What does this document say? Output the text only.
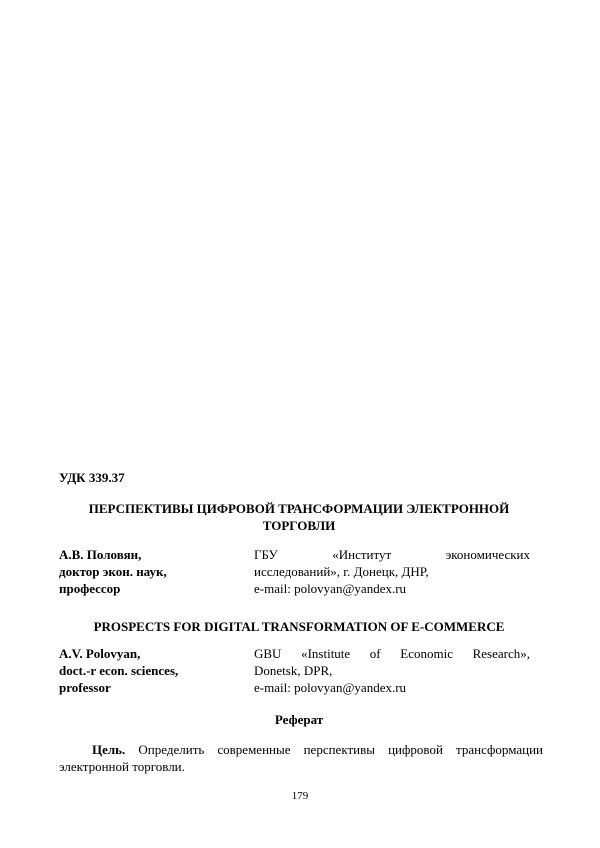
УДК 339.37

ПЕРСПЕКТИВЫ ЦИФРОВОЙ ТРАНСФОРМАЦИИ ЭЛЕКТРОННОЙ
ТОРГОВЛИ
А.В. Половян,
доктор экон. наук,
профессор
ГБУ «Институт экономических
исследований», г. Донецк, ДНР,
e-mail: polovyan@yandex.ru
PROSPECTS FOR DIGITAL TRANSFORMATION OF E-COMMERCE
A.V. Polovyan,
doct.-r econ. sciences,
professor
GBU «Institute of Economic Research»,
Donetsk, DPR,
e-mail: polovyan@yandex.ru
Реферат
Цель. Определить современные перспективы цифровой трансформации
электронной торговли.
179
